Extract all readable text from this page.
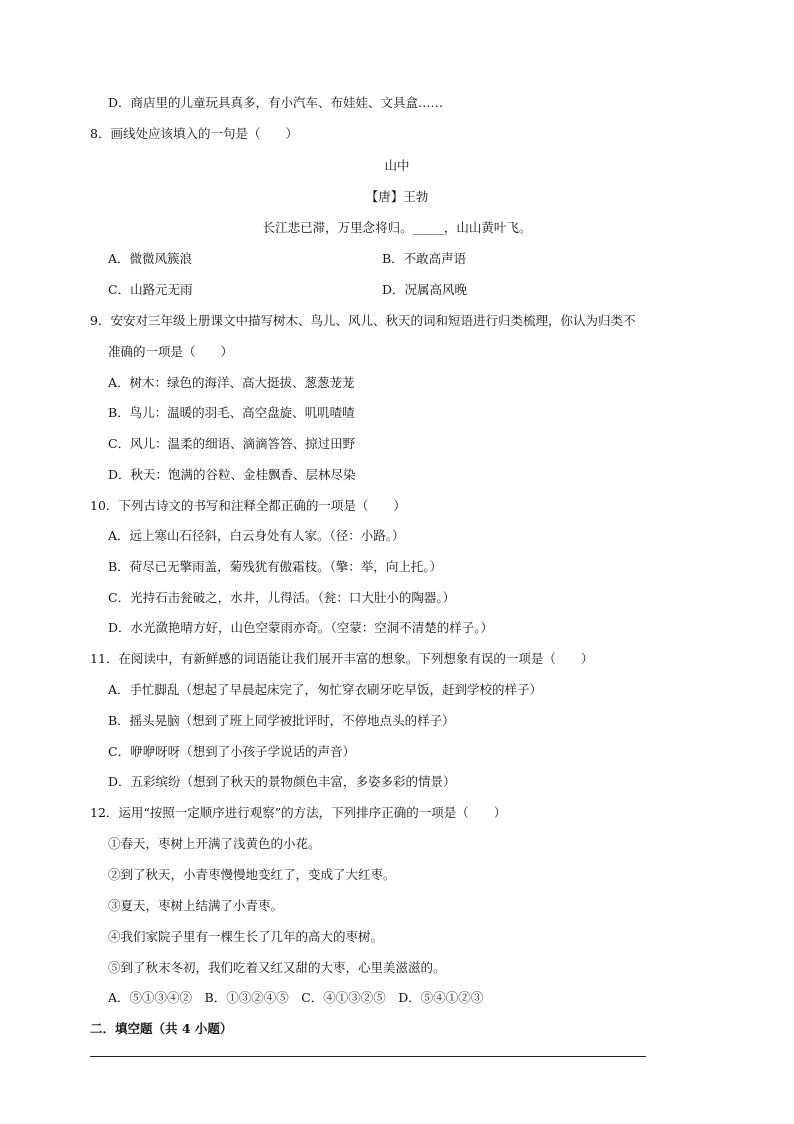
D．商店里的儿童玩具真多，有小汽车、布娃娃、文具盒……
8．画线处应该填入的一句是（　　）
山中
【唐】王勃
长江悲已滞，万里念将归。_____，山山黄叶飞。
A．微微风簇浪	B．不敢高声语
C．山路元无雨	D．况属高风晚
9．安安对三年级上册课文中描写树木、鸟儿、风儿、秋天的词和短语进行归类梳理，你认为归类不
准确的一项是（　　）
A．树木：绿色的海洋、高大挺拔、葱葱茏茏
B．鸟儿：温暖的羽毛、高空盘旋、叽叽喳喳
C．风儿：温柔的细语、滴滴答答、掠过田野
D．秋天：饱满的谷粒、金桂飘香、层林尽染
10．下列古诗文的书写和注释全都正确的一项是（　　）
A．远上寒山石径斜，白云身处有人家。（径：小路。）
B．荷尽已无擎雨盖，菊残犹有傲霜枝。（擎：举，向上托。）
C．光持石击瓮破之，水井，儿得活。（瓮：口大肚小的陶器。）
D．水光潋艳晴方好，山色空蒙雨亦奇。（空蒙：空洞不清楚的样子。）
11．在阅读中，有新鲜感的词语能让我们展开丰富的想象。下列想象有误的一项是（　　）
A．手忙脚乱（想起了早晨起床完了，匆忙穿衣刷牙吃早饭，赶到学校的样子）
B．摇头晃脑（想到了班上同学被批评时，不停地点头的样子）
C．咿咿呀呀（想到了小孩子学说话的声音）
D．五彩缤纷（想到了秋天的景物颜色丰富，多姿多彩的情景）
12．运用“按照一定顺序进行观察”的方法，下列排序正确的一项是（　　）
①春天，枣树上开满了浅黄色的小花。
②到了秋天，小青枣慢慢地变红了，变成了大红枣。
③夏天，枣树上结满了小青枣。
④我们家院子里有一棵生长了几年的高大的枣树。
⑤到了秋末冬初，我们吃着又红又甜的大枣，心里美滋滋的。
A．⑤①③④②　B．①③②④⑤　C．④①③②⑤　D．⑤④①②③
二．填空题（共 4 小题）
